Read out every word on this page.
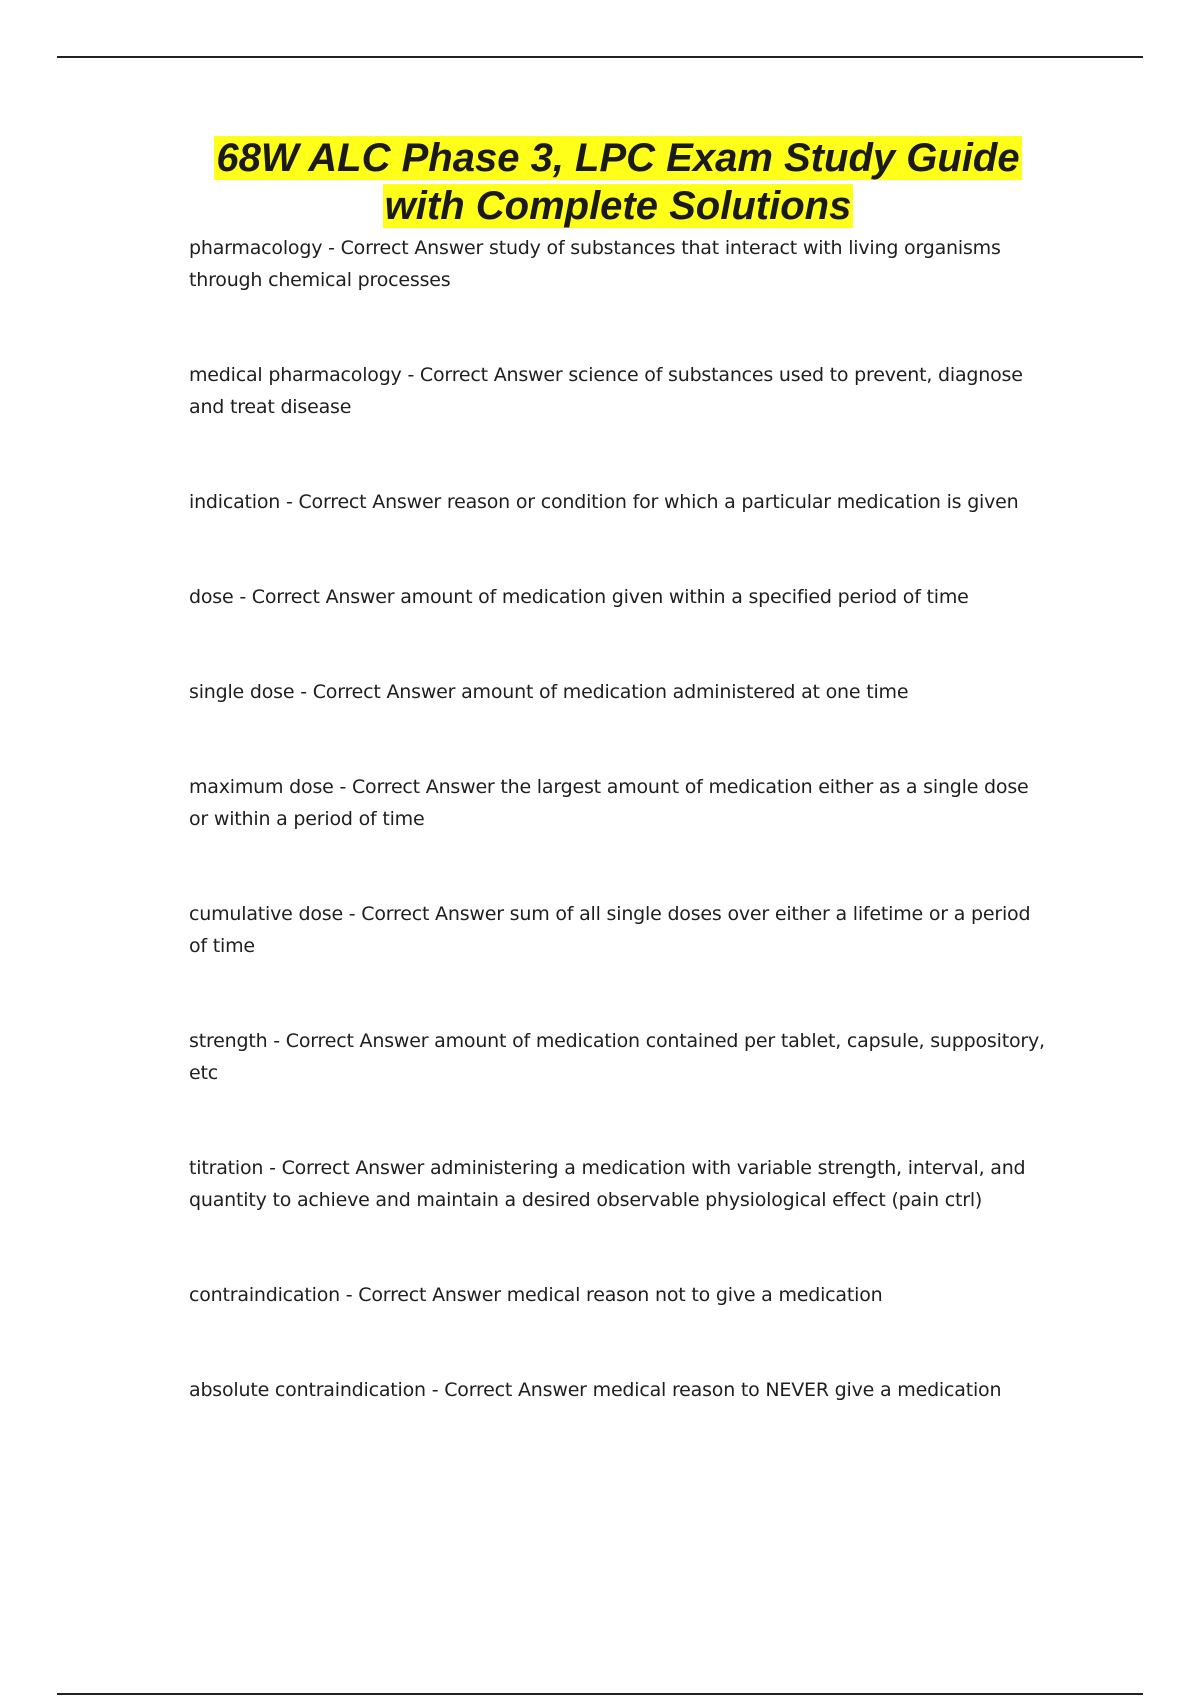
68W ALC Phase 3, LPC Exam Study Guide
with Complete Solutions

pharmacology - Correct Answer study of substances that interact with living organisms through chemical processes

medical pharmacology - Correct Answer science of substances used to prevent, diagnose and treat disease

indication - Correct Answer reason or condition for which a particular medication is given

dose - Correct Answer amount of medication given within a specified period of time

single dose - Correct Answer amount of medication administered at one time

maximum dose - Correct Answer the largest amount of medication either as a single dose or within a period of time

cumulative dose - Correct Answer sum of all single doses over either a lifetime or a period of time

strength - Correct Answer amount of medication contained per tablet, capsule, suppository, etc

titration - Correct Answer administering a medication with variable strength, interval, and quantity to achieve and maintain a desired observable physiological effect (pain ctrl)

contraindication - Correct Answer medical reason not to give a medication

absolute contraindication - Correct Answer medical reason to NEVER give a medication
